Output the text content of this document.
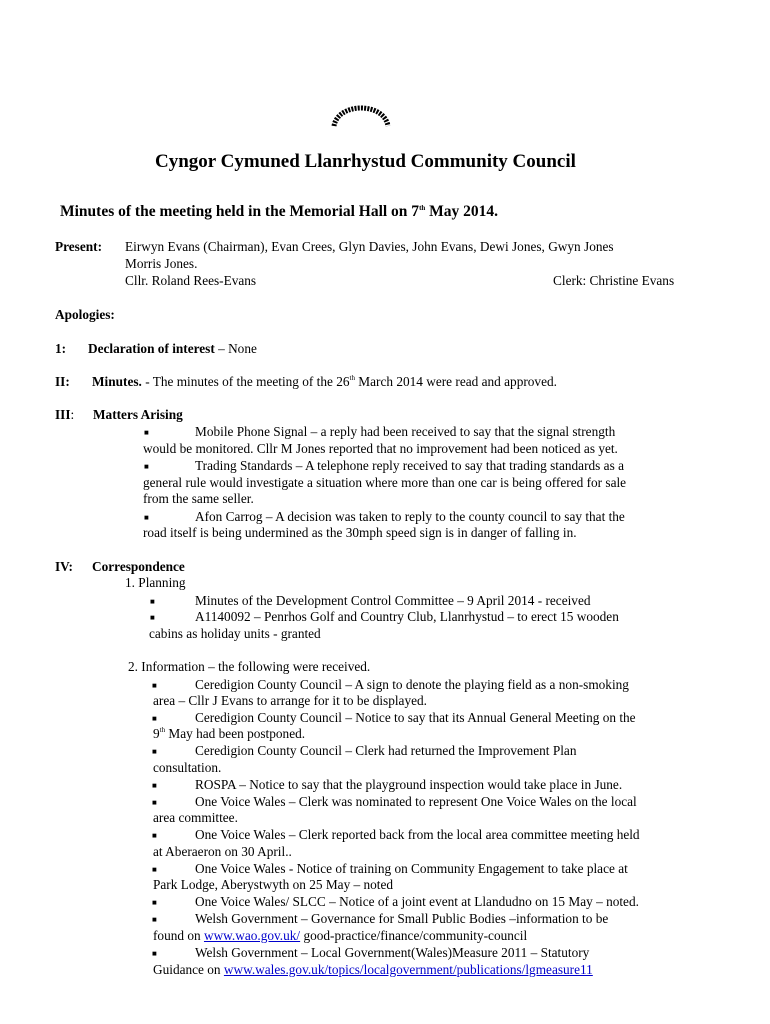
Cyngor Cymuned Llanrhystud Community Council
Minutes of the meeting held in the Memorial Hall on 7th May 2014.
Present: Eirwyn Evans (Chairman), Evan Crees, Glyn Davies, John Evans, Dewi Jones, Gwyn Jones
Morris Jones.
Cllr. Roland Rees-Evans	Clerk: Christine Evans
Apologies:
1: Declaration of interest – None
II: Minutes. - The minutes of the meeting of the 26th March 2014 were read and approved.
III: Matters Arising
■	Mobile Phone Signal – a reply had been received to say that the signal strength
would be monitored. Cllr M Jones reported that no improvement had been noticed as yet.
■	Trading Standards – A telephone reply received to say that trading standards as a
general rule would investigate a situation where more than one car is being offered for sale
from the same seller.
■	Afon Carrog – A decision was taken to reply to the county council to say that the
road itself is being undermined as the 30mph speed sign is in danger of falling in.
IV: Correspondence
1. Planning
■	Minutes of the Development Control Committee – 9 April 2014 - received
■	A1140092 – Penrhos Golf and Country Club, Llanrhystud – to erect 15 wooden
cabins as holiday units - granted
2. Information – the following were received.
■	Ceredigion County Council – A sign to denote the playing field as a non-smoking
area – Cllr J Evans to arrange for it to be displayed.
■	Ceredigion County Council – Notice to say that its Annual General Meeting on the
9th May had been postponed.
■	Ceredigion County Council – Clerk had returned the Improvement Plan
consultation.
■	ROSPA – Notice to say that the playground inspection would take place in June.
■	One Voice Wales – Clerk was nominated to represent One Voice Wales on the local
area committee.
■	One Voice Wales – Clerk reported back from the local area committee meeting held
at Aberaeron on 30 April..
■	One Voice Wales - Notice of training on Community Engagement to take place at
Park Lodge, Aberystwyth on 25 May – noted
■	One Voice Wales/ SLCC – Notice of a joint event at Llandudno on 15 May – noted.
■	Welsh Government – Governance for Small Public Bodies –information to be
found on www.wao.gov.uk/ good-practice/finance/community-council
■	Welsh Government – Local Government(Wales)Measure 2011 – Statutory
Guidance on www.wales.gov.uk/topics/localgovernment/publications/lgmeasure11
